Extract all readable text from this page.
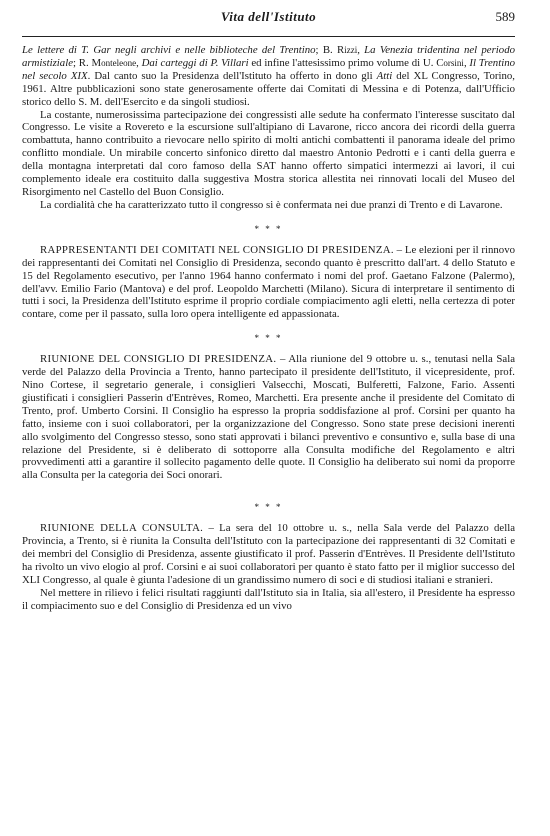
Vita dell'Istituto	589

Le lettere di T. Gar negli archivi e nelle biblioteche del Trentino; B. Rizzi, La Venezia tridentina nel periodo armistiziale; R. Monteleone, Dai carteggi di P. Villari ed infine l'attesissimo primo volume di U. Corsini, Il Trentino nel secolo XIX. Dal canto suo la Presidenza dell'Istituto ha offerto in dono gli Atti del XL Congresso, Torino, 1961. Altre pubblicazioni sono state generosamente offerte dai Comitati di Messina e di Potenza, dall'Ufficio storico dello S. M. dell'Esercito e da singoli studiosi.

La costante, numerosissima partecipazione dei congressisti alle sedute ha confermato l'interesse suscitato dal Congresso. Le visite a Rovereto e la escursione sull'altipiano di Lavarone, ricco ancora dei ricordi della guerra combattuta, hanno contribuito a rievocare nello spirito di molti antichi combattenti il panorama ideale del primo conflitto mondiale. Un mirabile concerto sinfonico diretto dal maestro Antonio Pedrotti e i canti della guerra e della montagna interpretati dal coro famoso della SAT hanno offerto simpatici intermezzi ai lavori, il cui complemento ideale era costituito dalla suggestiva Mostra storica allestita nei rinnovati locali del Museo del Risorgimento nel Castello del Buon Consiglio.

La cordialità che ha caratterizzato tutto il congresso si è confermata nei due pranzi di Trento e di Lavarone.

* * *

RAPPRESENTANTI DEI COMITATI NEL CONSIGLIO DI PRESIDENZA. – Le elezioni per il rinnovo dei rappresentanti dei Comitati nel Consiglio di Presidenza, secondo quanto è prescritto dall'art. 4 dello Statuto e 15 del Regolamento esecutivo, per l'anno 1964 hanno confermato i nomi del prof. Gaetano Falzone (Palermo), dell'avv. Emilio Fario (Mantova) e del prof. Leopoldo Marchetti (Milano). Sicura di interpretare il sentimento di tutti i soci, la Presidenza dell'Istituto esprime il proprio cordiale compiacimento agli eletti, nella certezza di poter contare, come per il passato, sulla loro opera intelligente ed appassionata.

* * *

RIUNIONE DEL CONSIGLIO DI PRESIDENZA. – Alla riunione del 9 ottobre u. s., tenutasi nella Sala verde del Palazzo della Provincia a Trento, hanno partecipato il presidente dell'Istituto, il vicepresidente, prof. Nino Cortese, il segretario generale, i consiglieri Valsecchi, Moscati, Bulferetti, Falzone, Fario. Assenti giustificati i consiglieri Passerin d'Entrèves, Romeo, Marchetti. Era presente anche il presidente del Comitato di Trento, prof. Umberto Corsini. Il Consiglio ha espresso la propria soddisfazione al prof. Corsini per quanto ha fatto, insieme con i suoi collaboratori, per la organizzazione del Congresso. Sono state prese decisioni inerenti allo svolgimento del Congresso stesso, sono stati approvati i bilanci preventivo e consuntivo e, sulla base di una relazione del Presidente, si è deliberato di sottoporre alla Consulta modifiche del Regolamento e altri provvedimenti atti a garantire il sollecito pagamento delle quote. Il Consiglio ha deliberato sui nomi da proporre alla Consulta per la categoria dei Soci onorari.

* * *

RIUNIONE DELLA CONSULTA. – La sera del 10 ottobre u. s., nella Sala verde del Palazzo della Provincia, a Trento, si è riunita la Consulta dell'Istituto con la partecipazione dei rappresentanti di 32 Comitati e dei membri del Consiglio di Presidenza, assente giustificato il prof. Passerin d'Entrèves. Il Presidente dell'Istituto ha rivolto un vivo elogio al prof. Corsini e ai suoi collaboratori per quanto è stato fatto per il miglior successo del XLI Congresso, al quale è giunta l'adesione di un grandissimo numero di soci e di studiosi italiani e stranieri.

Nel mettere in rilievo i felici risultati raggiunti dall'Istituto sia in Italia, sia all'estero, il Presidente ha espresso il compiacimento suo e del Consiglio di Presidenza ed un vivo
